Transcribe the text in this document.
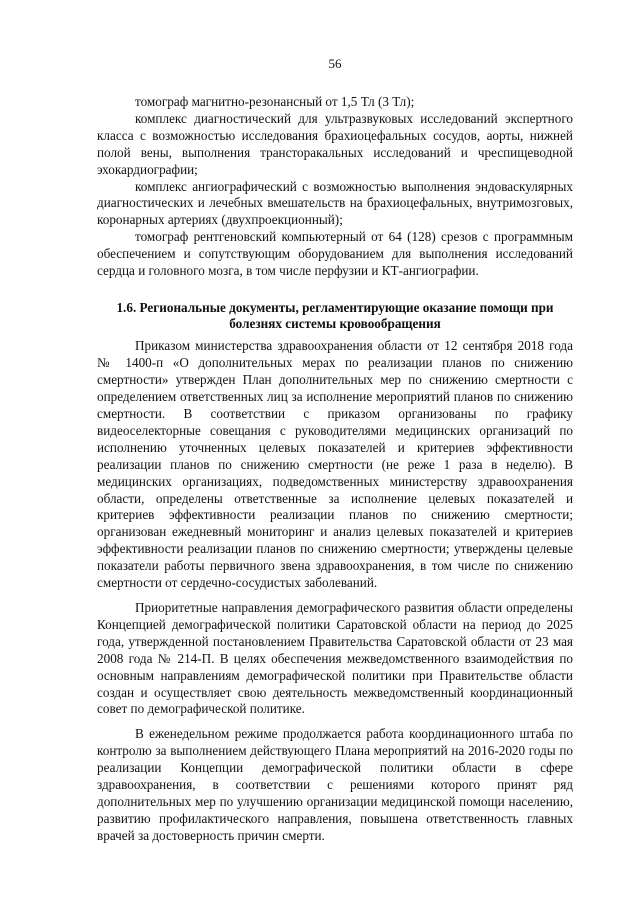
56

томограф магнитно-резонансный от 1,5 Тл (3 Тл);

комплекс диагностический для ультразвуковых исследований экспертного класса с возможностью исследования брахиоцефальных сосудов, аорты, нижней полой вены, выполнения трансторакальных исследований и чреспищеводной эхокардиографии;

комплекс ангиографический с возможностью выполнения эндоваскулярных диагностических и лечебных вмешательств на брахиоцефальных, внутримозговых, коронарных артериях (двухпроекционный);

томограф рентгеновский компьютерный от 64 (128) срезов с программным обеспечением и сопутствующим оборудованием для выполнения исследований сердца и головного мозга, в том числе перфузии и КТ-ангиографии.

1.6. Региональные документы, регламентирующие оказание помощи при болезнях системы кровообращения

Приказом министерства здравоохранения области от 12 сентября 2018 года № 1400-п «О дополнительных мерах по реализации планов по снижению смертности» утвержден План дополнительных мер по снижению смертности с определением ответственных лиц за исполнение мероприятий планов по снижению смертности. В соответствии с приказом организованы по графику видеоселекторные совещания с руководителями медицинских организаций по исполнению уточненных целевых показателей и критериев эффективности реализации планов по снижению смертности (не реже 1 раза в неделю). В медицинских организациях, подведомственных министерству здравоохранения области, определены ответственные за исполнение целевых показателей и критериев эффективности реализации планов по снижению смертности; организован ежедневный мониторинг и анализ целевых показателей и критериев эффективности реализации планов по снижению смертности; утверждены целевые показатели работы первичного звена здравоохранения, в том числе по снижению смертности от сердечно-сосудистых заболеваний.

Приоритетные направления демографического развития области определены Концепцией демографической политики Саратовской области на период до 2025 года, утвержденной постановлением Правительства Саратовской области от 23 мая 2008 года № 214-П. В целях обеспечения межведомственного взаимодействия по основным направлениям демографической политики при Правительстве области создан и осуществляет свою деятельность межведомственный координационный совет по демографической политике.

В еженедельном режиме продолжается работа координационного штаба по контролю за выполнением действующего Плана мероприятий на 2016-2020 годы по реализации Концепции демографической политики области в сфере здравоохранения, в соответствии с решениями которого принят ряд дополнительных мер по улучшению организации медицинской помощи населению, развитию профилактического направления, повышена ответственность главных врачей за достоверность причин смерти.
